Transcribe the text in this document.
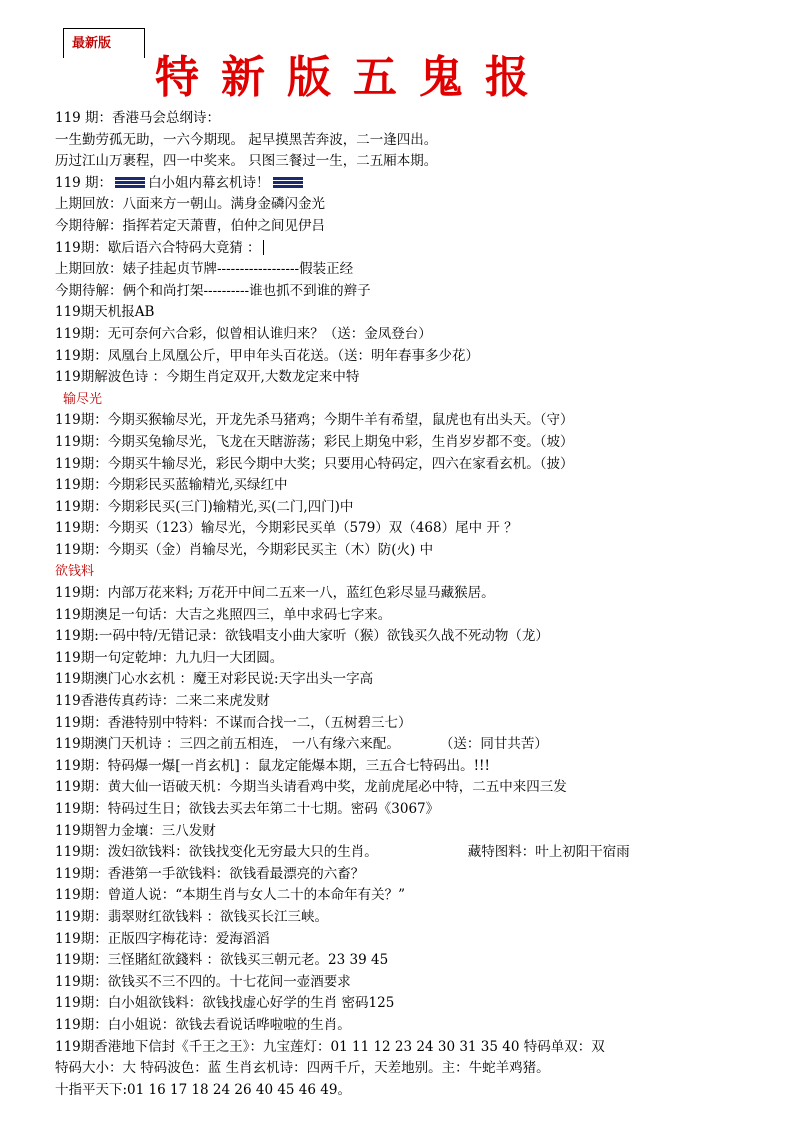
最新版
特新版五鬼报
119 期：香港马会总纲诗：
一生勤劳孤无助，一六今期现。 起早摸黑苦奔波，二一逢四出。
历过江山万裹程，四一中奖来。 只图三餐过一生，二五厢本期。
119 期：	白小姐内幕玄机诗！
上期回放：八面来方一朝山。满身金磷闪金光
今期待解：指挥若定天萧曹，伯仲之间见伊吕
119期：歇后语六合特码大竟猜 ：
上期回放：婊子挂起贞节牌------------------假装正经
今期待解：俩个和尚打架----------谁也抓不到谁的辫子
119期天机报AB
119期：无可奈何六合彩，似曾相认谁归来？（送：金凤登台）
119期：凤凰台上凤凰公斤，甲申年头百花送。（送：明年春事多少花）
119期解波色诗 ：今期生肖定双开,大数龙定来中特
输尽光
119期：今期买猴输尽光，开龙先杀马猪鸡；今期牛羊有希望，鼠虎也有出头天。（守）
119期：今期买兔输尽光，飞龙在天瞎游荡；彩民上期兔中彩，生肖岁岁都不变。（坡）
119期：今期买牛输尽光，彩民今期中大奖；只要用心特码定，四六在家看玄机。（披）
119期：今期彩民买蓝输精光,买绿红中
119期：今期彩民买(三门)输精光,买(二门,四门)中
119期：今期买（123）输尽光，今期彩民买单（579）双（468）尾中 开 ？
119期：今期买（金）肖输尽光，今期彩民买主（木）防(火) 中
欲钱料
119期：内部万花来料; 万花开中间二五来一八，蓝红色彩尽显马藏猴居。
119期澳足一句话：大吉之兆照四三，单中求码七字来。
119期:一码中特/无错记录：欲钱唱支小曲大家听（猴）欲钱买久战不死动物（龙）
119期一句定乾坤：九九归一大团圆。
119期澳门心水玄机 ：魔王对彩民说:天字出头一字高
119香港传真药诗：二来二来虎发财
119期：香港特别中特料：不谋而合找一二，（五树碧三七）
119期澳门天机诗 ：三四之前五相连， 一八有缘六来配。	（送：同甘共苦）
119期：特码爆一爆[一肖玄机] ：鼠龙定能爆本期，三五合七特码出。!!!
119期：黄大仙一语破天机：今期当头请看鸡中奖，龙前虎尾必中特，二五中来四三发
119期：特码过生日；欲钱去买去年第二十七期。密码《3067》
119期智力金壤：三八发财
119期：泼妇欲钱料：欲钱找变化无穷最大只的生肖。	藏特图料：叶上初阳干宿雨
119期：香港第一手欲钱料：欲钱看最漂亮的六畜？
119期：曾道人说：“本期生肖与女人二十的本命年有关？”
119期：翡翠财红欲钱料 ：欲钱买长江三峡。
119期：正版四字梅花诗：爱海滔滔
119期：三怪賭紅欲錢料 ：欲钱买三朝元老。23 39 45
119期：欲钱买不三不四的。十七花间一壶酒要求
119期：白小姐欲钱料：欲钱找虚心好学的生肖 密码125
119期：白小姐说：欲钱去看说话哗啦啦的生肖。
119期香港地下信封《千王之王》：九宝莲灯：01 11 12 23 24 30 31 35 40 特码单双：双
特码大小：大 特码波色：蓝 生肖玄机诗：四两千斤，天差地别。主：牛蛇羊鸡猪。
十指平天下:01 16 17 18 24 26 40 45 46 49。
